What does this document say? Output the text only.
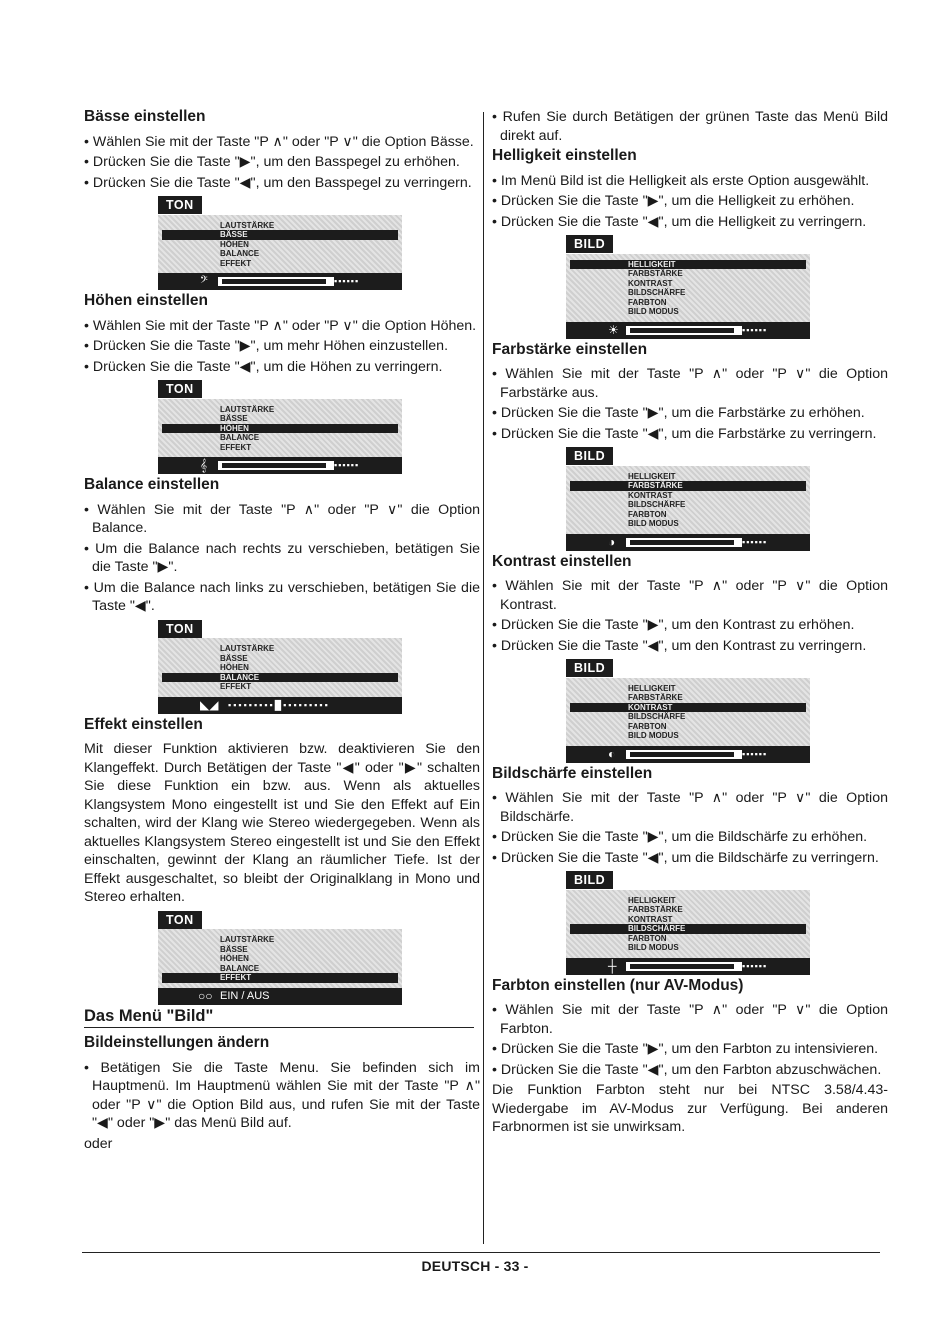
Bässe einstellen

• Wählen Sie mit der Taste "P ∧" oder "P ∨" die Option Bässe.

• Drücken Sie die Taste "▶", um den Basspegel zu erhöhen.

• Drücken Sie die Taste "◀", um den Basspegel zu verringern.

TON
LAUTSTÄRKE
BÄSSE
HÖHEN
BALANCE
EFFEKT
𝄢	▪▪▪▪▪▪
Höhen einstellen

• Wählen Sie mit der Taste "P ∧" oder "P ∨" die Option Höhen.

• Drücken Sie die Taste "▶", um mehr Höhen einzustellen.

• Drücken Sie die Taste "◀", um die Höhen zu verringern.

TON
LAUTSTÄRKE
BÄSSE
HÖHEN
BALANCE
EFFEKT
𝄞	▪▪▪▪▪▪
Balance einstellen

• Wählen Sie mit der Taste "P ∧" oder "P ∨" die Option Balance.

• Um die Balance nach rechts zu verschieben, betätigen Sie die Taste "▶".

• Um die Balance nach links zu verschieben, betätigen Sie die Taste "◀".

TON
LAUTSTÄRKE
BÄSSE
HÖHEN
BALANCE
EFFEKT
◣◢ ▪▪▪▪▪▪▪▪▪█▪▪▪▪▪▪▪▪▪
Effekt einstellen

Mit dieser Funktion aktivieren bzw. deaktivieren Sie den Klangeffekt. Durch Betätigen der Taste "◀" oder "▶" schalten Sie diese Funktion ein bzw. aus. Wenn als aktuelles Klangsystem Mono eingestellt ist und Sie den Effekt auf Ein schalten, wird der Klang wie Stereo wiedergegeben. Wenn als aktuelles Klangsystem Stereo eingestellt ist und Sie den Effekt einschalten, gewinnt der Klang an räumlicher Tiefe. Ist der Effekt ausgeschaltet, so bleibt der Originalklang in Mono und Stereo erhalten.

TON
LAUTSTÄRKE
BÄSSE
HÖHEN
BALANCE
EFFEKT
○○ EIN / AUS
Das Menü "Bild"
Bildeinstellungen ändern

• Betätigen Sie die Taste Menu. Sie befinden sich im Hauptmenü. Im Hauptmenü wählen Sie mit der Taste "P ∧" oder "P ∨" die Option Bild aus, und rufen Sie mit der Taste "◀" oder "▶" das Menü Bild auf.

oder

• Rufen Sie durch Betätigen der grünen Taste das Menü Bild direkt auf.

Helligkeit einstellen

• Im Menü Bild ist die Helligkeit als erste Option ausgewählt.

• Drücken Sie die Taste "▶", um die Helligkeit zu erhöhen.

• Drücken Sie die Taste "◀", um die Helligkeit zu verringern.

BILD
HELLIGKEIT
FARBSTÄRKE
KONTRAST
BILDSCHÄRFE
FARBTON
BILD MODUS
☀	▪▪▪▪▪▪
Farbstärke einstellen

• Wählen Sie mit der Taste "P ∧" oder "P ∨" die Option Farbstärke aus.

• Drücken Sie die Taste "▶", um die Farbstärke zu erhöhen.

• Drücken Sie die Taste "◀", um die Farbstärke zu verringern.

BILD
HELLIGKEIT
FARBSTÄRKE
KONTRAST
BILDSCHÄRFE
FARBTON
BILD MODUS
◑	▪▪▪▪▪▪
Kontrast einstellen

• Wählen Sie mit der Taste "P ∧" oder "P ∨" die Option Kontrast.

• Drücken Sie die Taste "▶", um den Kontrast zu erhöhen.

• Drücken Sie die Taste "◀", um den Kontrast zu verringern.

BILD
HELLIGKEIT
FARBSTÄRKE
KONTRAST
BILDSCHÄRFE
FARBTON
BILD MODUS
◐	▪▪▪▪▪▪
Bildschärfe einstellen

• Wählen Sie mit der Taste "P ∧" oder "P ∨" die Option Bildschärfe.

• Drücken Sie die Taste "▶", um die Bildschärfe zu erhöhen.

• Drücken Sie die Taste "◀", um die Bildschärfe zu verringern.

BILD
HELLIGKEIT
FARBSTÄRKE
KONTRAST
BILDSCHÄRFE
FARBTON
BILD MODUS
┼	▪▪▪▪▪▪
Farbton einstellen (nur AV-Modus)

• Wählen Sie mit der Taste "P ∧" oder "P ∨" die Option Farbton.

• Drücken Sie die Taste "▶", um den Farbton zu intensivieren.

• Drücken Sie die Taste "◀", um den Farbton abzuschwächen.

Die Funktion Farbton steht nur bei NTSC 3.58/4.43-Wiedergabe im AV-Modus zur Verfügung. Bei anderen Farbnormen ist sie unwirksam.

DEUTSCH - 33 -
